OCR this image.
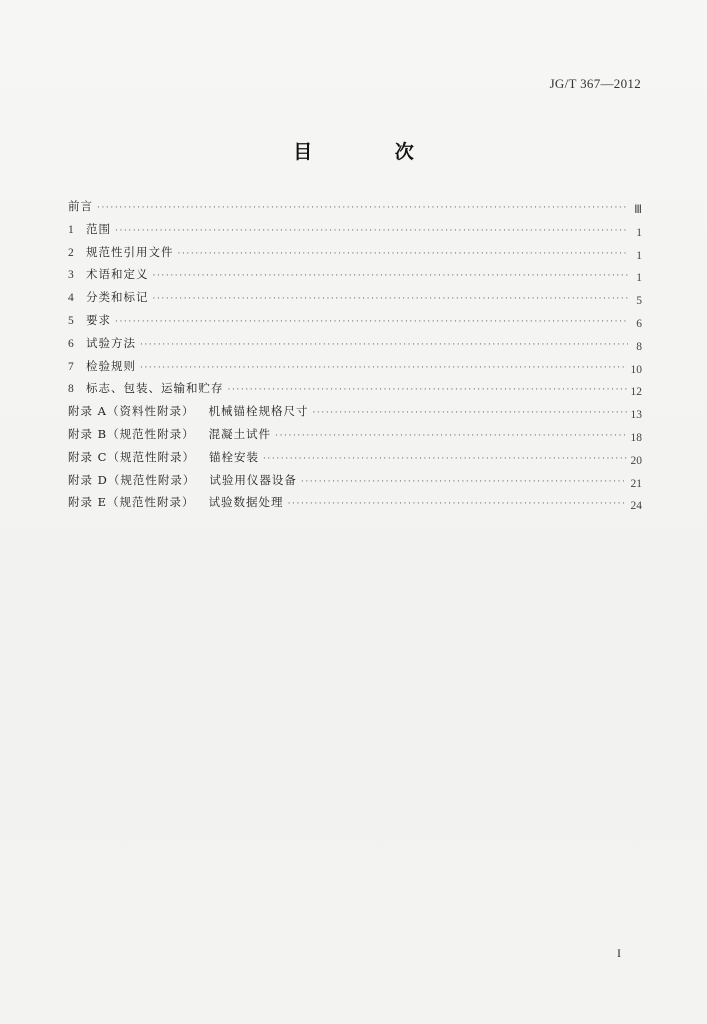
JG/T 367—2012
目 次
前言 ·····	Ⅲ
1	范围 ·····	1
2	规范性引用文件 ·····	1
3	术语和定义 ·····	1
4	分类和标记 ·····	5
5	要求 ·····	6
6	试验方法 ·····	8
7	检验规则 ·····	10
8	标志、包装、运输和贮存 ·····	12
附录 A（资料性附录） 机械锚栓规格尺寸 ·····	13
附录 B（规范性附录） 混凝土试件 ·····	18
附录 C（规范性附录） 锚栓安装 ·····	20
附录 D（规范性附录） 试验用仪器设备 ·····	21
附录 E（规范性附录） 试验数据处理 ·····	24
I
